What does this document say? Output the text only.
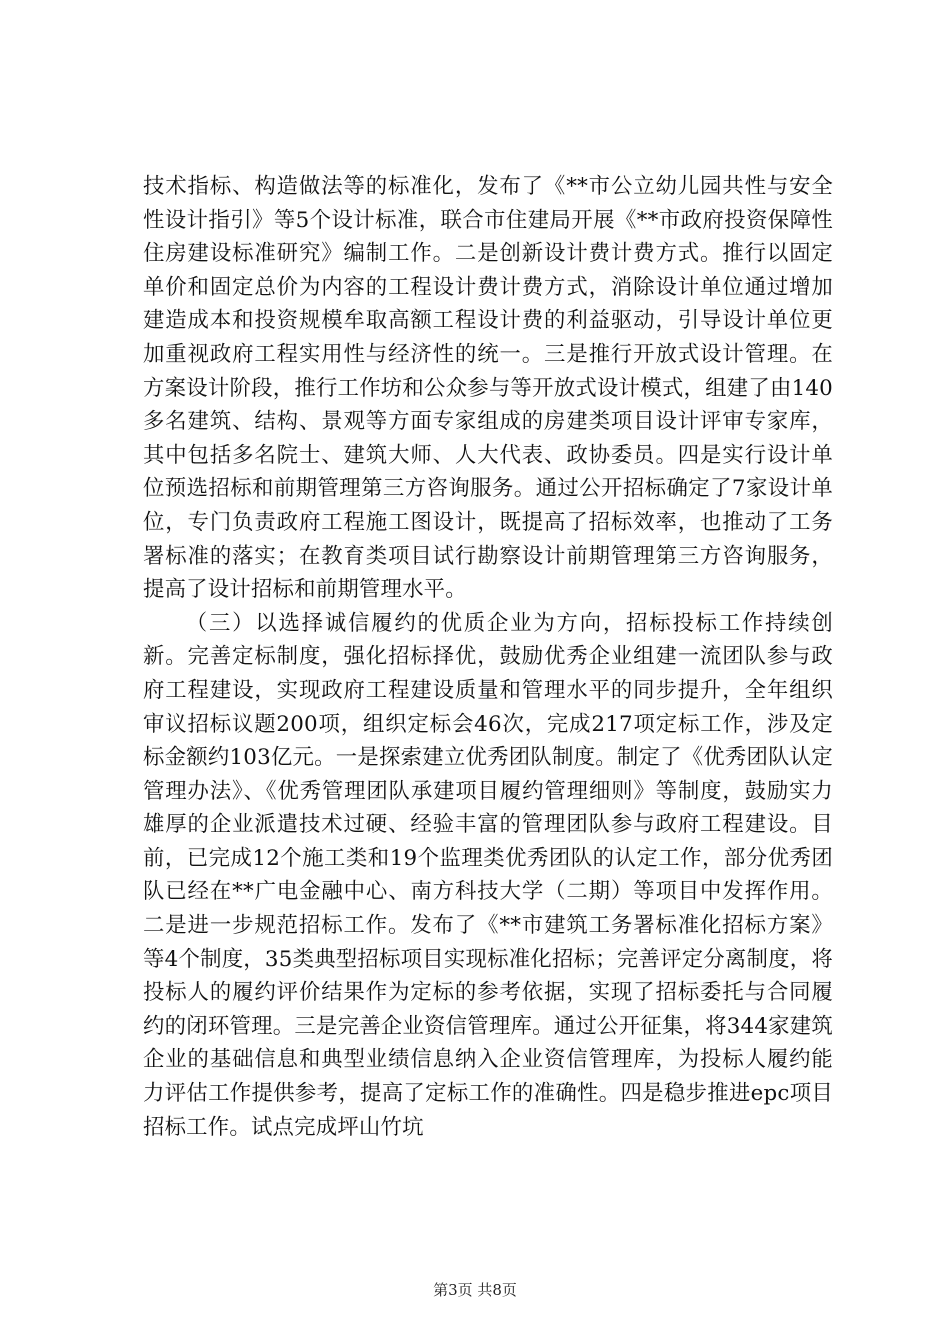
技术指标、构造做法等的标准化，发布了《**市公立幼儿园共性与安全性设计指引》等5个设计标准，联合市住建局开展《**市政府投资保障性住房建设标准研究》编制工作。二是创新设计费计费方式。推行以固定单价和固定总价为内容的工程设计费计费方式，消除设计单位通过增加建造成本和投资规模牟取高额工程设计费的利益驱动，引导设计单位更加重视政府工程实用性与经济性的统一。三是推行开放式设计管理。在方案设计阶段，推行工作坊和公众参与等开放式设计模式，组建了由140多名建筑、结构、景观等方面专家组成的房建类项目设计评审专家库，其中包括多名院士、建筑大师、人大代表、政协委员。四是实行设计单位预选招标和前期管理第三方咨询服务。通过公开招标确定了7家设计单位，专门负责政府工程施工图设计，既提高了招标效率，也推动了工务署标准的落实；在教育类项目试行勘察设计前期管理第三方咨询服务，提高了设计招标和前期管理水平。

（三）以选择诚信履约的优质企业为方向，招标投标工作持续创新。完善定标制度，强化招标择优，鼓励优秀企业组建一流团队参与政府工程建设，实现政府工程建设质量和管理水平的同步提升，全年组织审议招标议题200项，组织定标会46次，完成217项定标工作，涉及定标金额约103亿元。一是探索建立优秀团队制度。制定了《优秀团队认定管理办法》、《优秀管理团队承建项目履约管理细则》等制度，鼓励实力雄厚的企业派遣技术过硬、经验丰富的管理团队参与政府工程建设。目前，已完成12个施工类和19个监理类优秀团队的认定工作，部分优秀团队已经在**广电金融中心、南方科技大学（二期）等项目中发挥作用。二是进一步规范招标工作。发布了《**市建筑工务署标准化招标方案》等4个制度，35类典型招标项目实现标准化招标；完善评定分离制度，将投标人的履约评价结果作为定标的参考依据，实现了招标委托与合同履约的闭环管理。三是完善企业资信管理库。通过公开征集，将344家建筑企业的基础信息和典型业绩信息纳入企业资信管理库，为投标人履约能力评估工作提供参考，提高了定标工作的准确性。四是稳步推进epc项目招标工作。试点完成坪山竹坑

第3页 共8页
